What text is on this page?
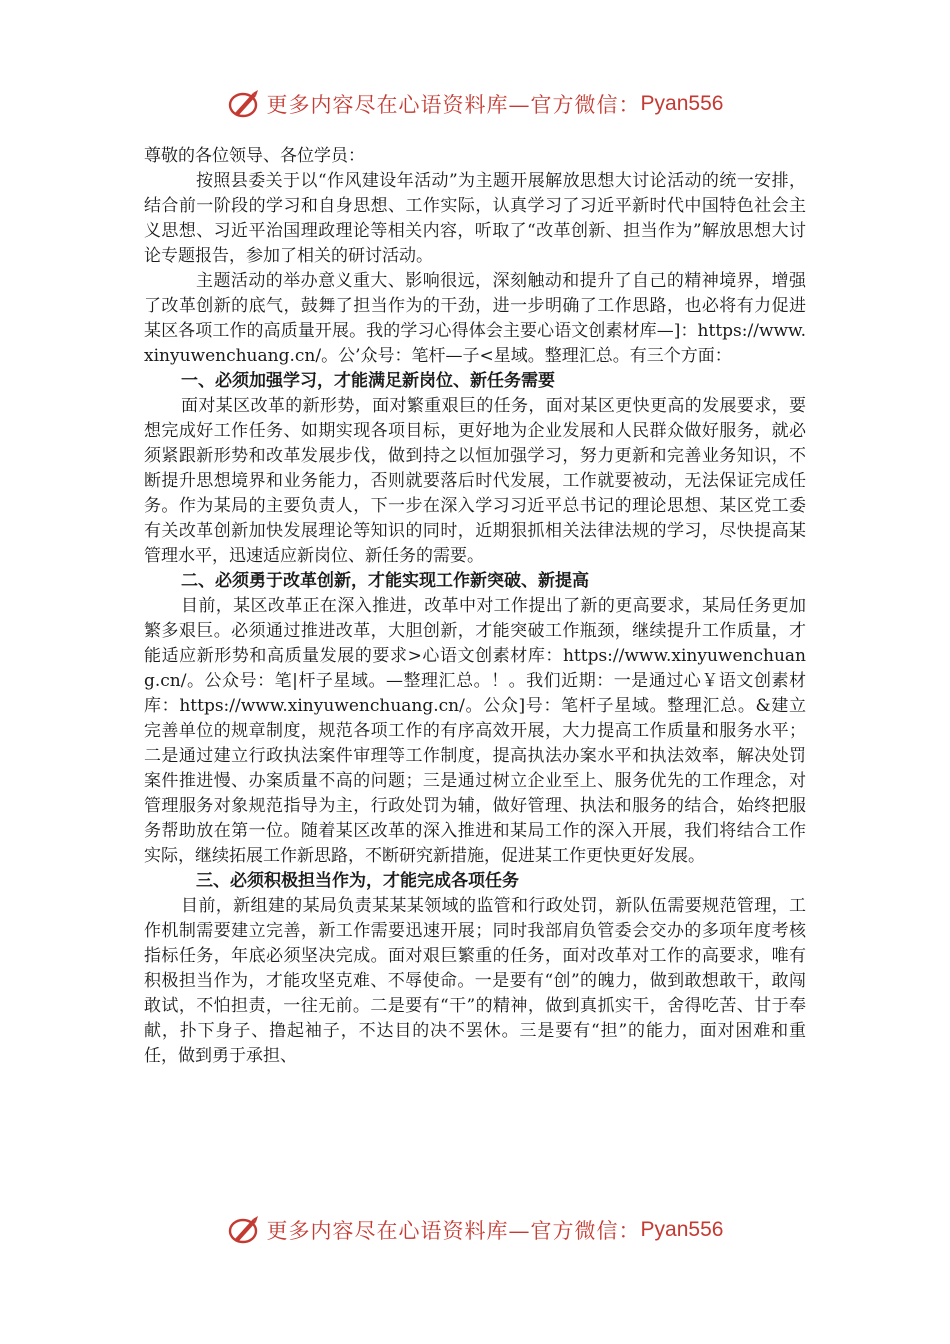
更多内容尽在心语资料库—官方微信： Pyan556

尊敬的各位领导、各位学员：

按照县委关于以“作风建设年活动”为主题开展解放思想大讨论活动的统一安排，结合前一阶段的学习和自身思想、工作实际，认真学习了习近平新时代中国特色社会主义思想、习近平治国理政理论等相关内容，听取了“改革创新、担当作为”解放思想大讨论专题报告，参加了相关的研讨活动。

主题活动的举办意义重大、影响很远，深刻触动和提升了自己的精神境界，增强了改革创新的底气，鼓舞了担当作为的干劲，进一步明确了工作思路，也必将有力促进某区各项工作的高质量开展。我的学习心得体会主要心语文创素材库—]：https://www.xinyuwenchuang.cn/。公’众号：笔杆—子<星域。整理汇总。有三个方面：

一、必须加强学习，才能满足新岗位、新任务需要

面对某区改革的新形势，面对繁重艰巨的任务，面对某区更快更高的发展要求，要想完成好工作任务、如期实现各项目标，更好地为企业发展和人民群众做好服务，就必须紧跟新形势和改革发展步伐，做到持之以恒加强学习，努力更新和完善业务知识，不断提升思想境界和业务能力，否则就要落后时代发展，工作就要被动，无法保证完成任务。作为某局的主要负责人，下一步在深入学习习近平总书记的理论思想、某区党工委有关改革创新加快发展理论等知识的同时，近期狠抓相关法律法规的学习，尽快提高某管理水平，迅速适应新岗位、新任务的需要。

二、必须勇于改革创新，才能实现工作新突破、新提高

目前，某区改革正在深入推进，改革中对工作提出了新的更高要求，某局任务更加繁多艰巨。必须通过推进改革，大胆创新，才能突破工作瓶颈，继续提升工作质量，才能适应新形势和高质量发展的要求>心语文创素材库：https://www.xinyuwenchuang.cn/。公众号：笔|杆子星域。—整理汇总。！。我们近期：一是通过心￥语文创素材库：https://www.xinyuwenchuang.cn/。公众]号：笔杆子星域。整理汇总。&建立完善单位的规章制度，规范各项工作的有序高效开展，大力提高工作质量和服务水平；二是通过建立行政执法案件审理等工作制度，提高执法办案水平和执法效率，解决处罚案件推进慢、办案质量不高的问题；三是通过树立企业至上、服务优先的工作理念，对管理服务对象规范指导为主，行政处罚为辅，做好管理、执法和服务的结合，始终把服务帮助放在第一位。随着某区改革的深入推进和某局工作的深入开展，我们将结合工作实际，继续拓展工作新思路，不断研究新措施，促进某工作更快更好发展。

三、必须积极担当作为，才能完成各项任务

目前，新组建的某局负责某某某领域的监管和行政处罚，新队伍需要规范管理，工作机制需要建立完善，新工作需要迅速开展；同时我部肩负管委会交办的多项年度考核指标任务，年底必须坚决完成。面对艰巨繁重的任务，面对改革对工作的高要求，唯有积极担当作为，才能攻坚克难、不辱使命。一是要有“创”的魄力，做到敢想敢干，敢闯敢试，不怕担责，一往无前。二是要有“干”的精神，做到真抓实干，舍得吃苦、甘于奉献，扑下身子、撸起袖子，不达目的决不罢休。三是要有“担”的能力，面对困难和重任，做到勇于承担、

更多内容尽在心语资料库—官方微信： Pyan556
